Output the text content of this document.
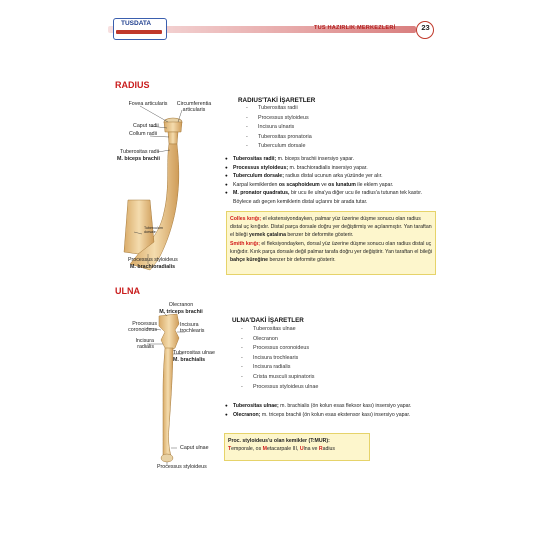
TUSDATA
TUS HAZIRLIK MERKEZLERİ	23
RADIUS
Fovea articularis	Circumferentia articularis
Caput radii
Collum radii
Tuberositas radii
M. biceps brachii
Tuberculum dorsale
Processus styloideus
M. brachioradialis
RADIUS'TAKİ İŞARETLER
- Tuberositas radii
- Processus styloideus
- Incisura ulnaris
- Tuberositas pronatoria
- Tuberculum dorsale
● Tuberositas radii; m. biceps brachii insersiyo yapar.
● Processus styloideus; m. brachioradialis insersiyo yapar.
● Tuberculum dorsale; radius distal ucunun arka yüzünde yer alır.
● Karpal kemiklerden os scaphoideum ve os lunatum ile eklem yapar.
● M. pronator quadratus, bir ucu ile ulna'ya diğer ucu ile radius'a tutunan tek kastır. Böylece adı geçen kemiklerin distal uçlarını bir arada tutar.
Colles kırığı; el ekstensiyondayken, palmar yüz üzerine düşme sonucu olan radius distal uç kırığıdır. Distal parça dorsale doğru yer değiştirmiş ve açılanmıştır. Yan taraftan el bileği yemek çatalına benzer bir deformite gösterir.
Smith kırığı; el fleksiyondayken, dorsal yüz üzerine düşme sonucu olan radius distal uç kırığıdır. Kırık parça dorsale değil palmar tarafa doğru yer değiştirir. Yan taraftan el bileği bahçe küreğine benzer bir deformite gösterir.
ULNA
Olecranon
M. triceps brachii
Processus coronoideus
Incisura trochlearis
Incisura radialis
Tuberositas ulnae
M. brachialis
Caput ulnae
Processus styloideus
ULNA'DAKİ İŞARETLER
- Tuberositas ulnae
- Olecranon
- Processus coronoideus
- Incisura trochlearis
- Incisura radialis
- Crista musculi supinatoris
- Processus styloideus ulnae
● Tuberositas ulnae; m. brachialis (ön kolun esas fleksor kası) insersiyo yapar.
● Olecranon; m. triceps brachii (ön kolun esas ekstensor kası) insersiyo yapar.
Proc. styloideus'u olan kemikler (T:MUR):
Temporale, os Metacarpale III, Ulna ve Radius
